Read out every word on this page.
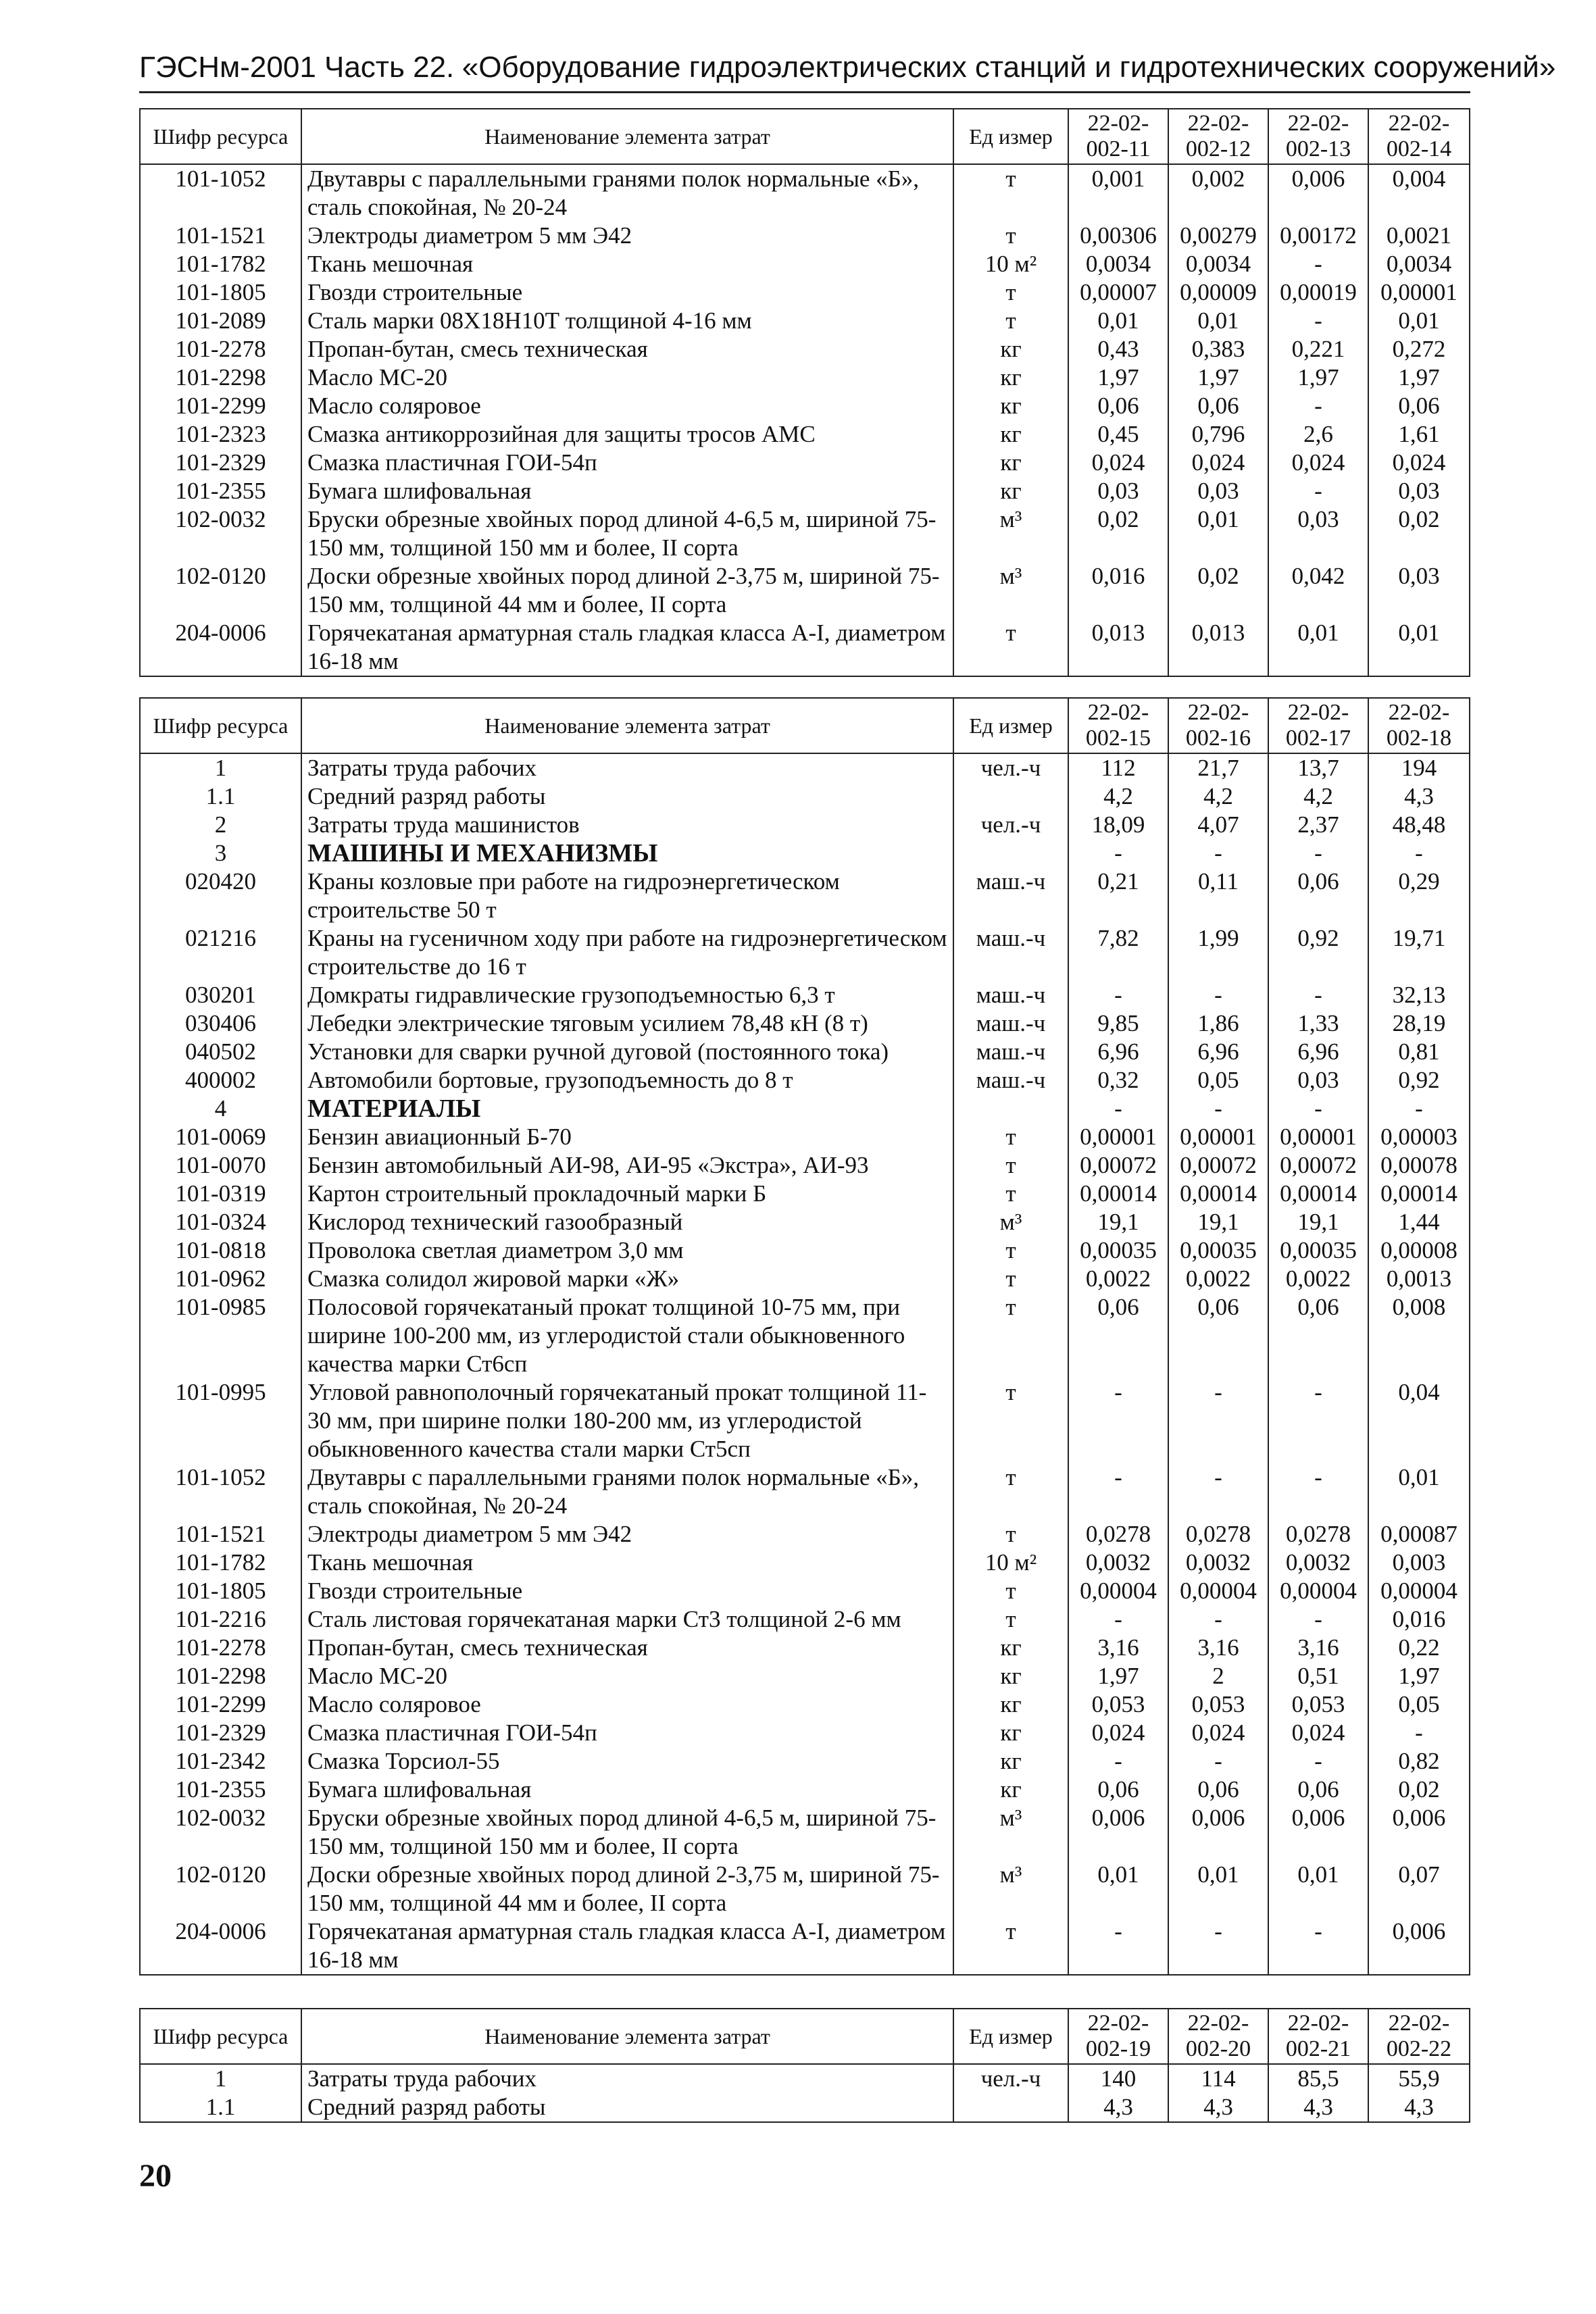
ГЭСНм-2001 Часть 22. «Оборудование гидроэлектрических станций и гидротехнических сооружений»
Шифр ресурса	Наименование элемента затрат	Ед измер	22-02-002-11	22-02-002-12	22-02-002-13	22-02-002-14
101-1052	Двутавры с параллельными гранями полок нормальные «Б», сталь спокойная, № 20-24	т	0,001	0,002	0,006	0,004
101-1521	Электроды диаметром 5 мм Э42	т	0,00306	0,00279	0,00172	0,0021
101-1782	Ткань мешочная	10 м²	0,0034	0,0034	-	0,0034
101-1805	Гвозди строительные	т	0,00007	0,00009	0,00019	0,00001
101-2089	Сталь марки 08Х18Н10Т толщиной 4-16 мм	т	0,01	0,01	-	0,01
101-2278	Пропан-бутан, смесь техническая	кг	0,43	0,383	0,221	0,272
101-2298	Масло МС-20	кг	1,97	1,97	1,97	1,97
101-2299	Масло соляровое	кг	0,06	0,06	-	0,06
101-2323	Смазка антикоррозийная для защиты тросов АМС	кг	0,45	0,796	2,6	1,61
101-2329	Смазка пластичная ГОИ-54п	кг	0,024	0,024	0,024	0,024
101-2355	Бумага шлифовальная	кг	0,03	0,03	-	0,03
102-0032	Бруски обрезные хвойных пород длиной 4-6,5 м, шириной 75-150 мм, толщиной 150 мм и более, II сорта	м³	0,02	0,01	0,03	0,02
102-0120	Доски обрезные хвойных пород длиной 2-3,75 м, шириной 75-150 мм, толщиной 44 мм и более, II сорта	м³	0,016	0,02	0,042	0,03
204-0006	Горячекатаная арматурная сталь гладкая класса А-I, диаметром 16-18 мм	т	0,013	0,013	0,01	0,01
Шифр ресурса	Наименование элемента затрат	Ед измер	22-02-002-15	22-02-002-16	22-02-002-17	22-02-002-18
1	Затраты труда рабочих	чел.-ч	112	21,7	13,7	194
1.1	Средний разряд работы		4,2	4,2	4,2	4,3
2	Затраты труда машинистов	чел.-ч	18,09	4,07	2,37	48,48
3	МАШИНЫ И МЕХАНИЗМЫ		-	-	-	-
020420	Краны козловые при работе на гидроэнергетическом строительстве 50 т	маш.-ч	0,21	0,11	0,06	0,29
021216	Краны на гусеничном ходу при работе на гидроэнергетическом строительстве до 16 т	маш.-ч	7,82	1,99	0,92	19,71
030201	Домкраты гидравлические грузоподъемностью 6,3 т	маш.-ч	-	-	-	32,13
030406	Лебедки электрические тяговым усилием 78,48 кН (8 т)	маш.-ч	9,85	1,86	1,33	28,19
040502	Установки для сварки ручной дуговой (постоянного тока)	маш.-ч	6,96	6,96	6,96	0,81
400002	Автомобили бортовые, грузоподъемность до 8 т	маш.-ч	0,32	0,05	0,03	0,92
4	МАТЕРИАЛЫ		-	-	-	-
101-0069	Бензин авиационный Б-70	т	0,00001	0,00001	0,00001	0,00003
101-0070	Бензин автомобильный АИ-98, АИ-95 «Экстра», АИ-93	т	0,00072	0,00072	0,00072	0,00078
101-0319	Картон строительный прокладочный марки Б	т	0,00014	0,00014	0,00014	0,00014
101-0324	Кислород технический газообразный	м³	19,1	19,1	19,1	1,44
101-0818	Проволока светлая диаметром 3,0 мм	т	0,00035	0,00035	0,00035	0,00008
101-0962	Смазка солидол жировой марки «Ж»	т	0,0022	0,0022	0,0022	0,0013
101-0985	Полосовой горячекатаный прокат толщиной 10-75 мм, при ширине 100-200 мм, из углеродистой стали обыкновенного качества марки Ст6сп	т	0,06	0,06	0,06	0,008
101-0995	Угловой равнополочный горячекатаный прокат толщиной 11-30 мм, при ширине полки 180-200 мм, из углеродистой обыкновенного качества стали марки Ст5сп	т	-	-	-	0,04
101-1052	Двутавры с параллельными гранями полок нормальные «Б», сталь спокойная, № 20-24	т	-	-	-	0,01
101-1521	Электроды диаметром 5 мм Э42	т	0,0278	0,0278	0,0278	0,00087
101-1782	Ткань мешочная	10 м²	0,0032	0,0032	0,0032	0,003
101-1805	Гвозди строительные	т	0,00004	0,00004	0,00004	0,00004
101-2216	Сталь листовая горячекатаная марки Ст3 толщиной 2-6 мм	т	-	-	-	0,016
101-2278	Пропан-бутан, смесь техническая	кг	3,16	3,16	3,16	0,22
101-2298	Масло МС-20	кг	1,97	2	0,51	1,97
101-2299	Масло соляровое	кг	0,053	0,053	0,053	0,05
101-2329	Смазка пластичная ГОИ-54п	кг	0,024	0,024	0,024	-
101-2342	Смазка Торсиол-55	кг	-	-	-	0,82
101-2355	Бумага шлифовальная	кг	0,06	0,06	0,06	0,02
102-0032	Бруски обрезные хвойных пород длиной 4-6,5 м, шириной 75-150 мм, толщиной 150 мм и более, II сорта	м³	0,006	0,006	0,006	0,006
102-0120	Доски обрезные хвойных пород длиной 2-3,75 м, шириной 75-150 мм, толщиной 44 мм и более, II сорта	м³	0,01	0,01	0,01	0,07
204-0006	Горячекатаная арматурная сталь гладкая класса А-I, диаметром 16-18 мм	т	-	-	-	0,006
Шифр ресурса	Наименование элемента затрат	Ед измер	22-02-002-19	22-02-002-20	22-02-002-21	22-02-002-22
1	Затраты труда рабочих	чел.-ч	140	114	85,5	55,9
1.1	Средний разряд работы		4,3	4,3	4,3	4,3
20
